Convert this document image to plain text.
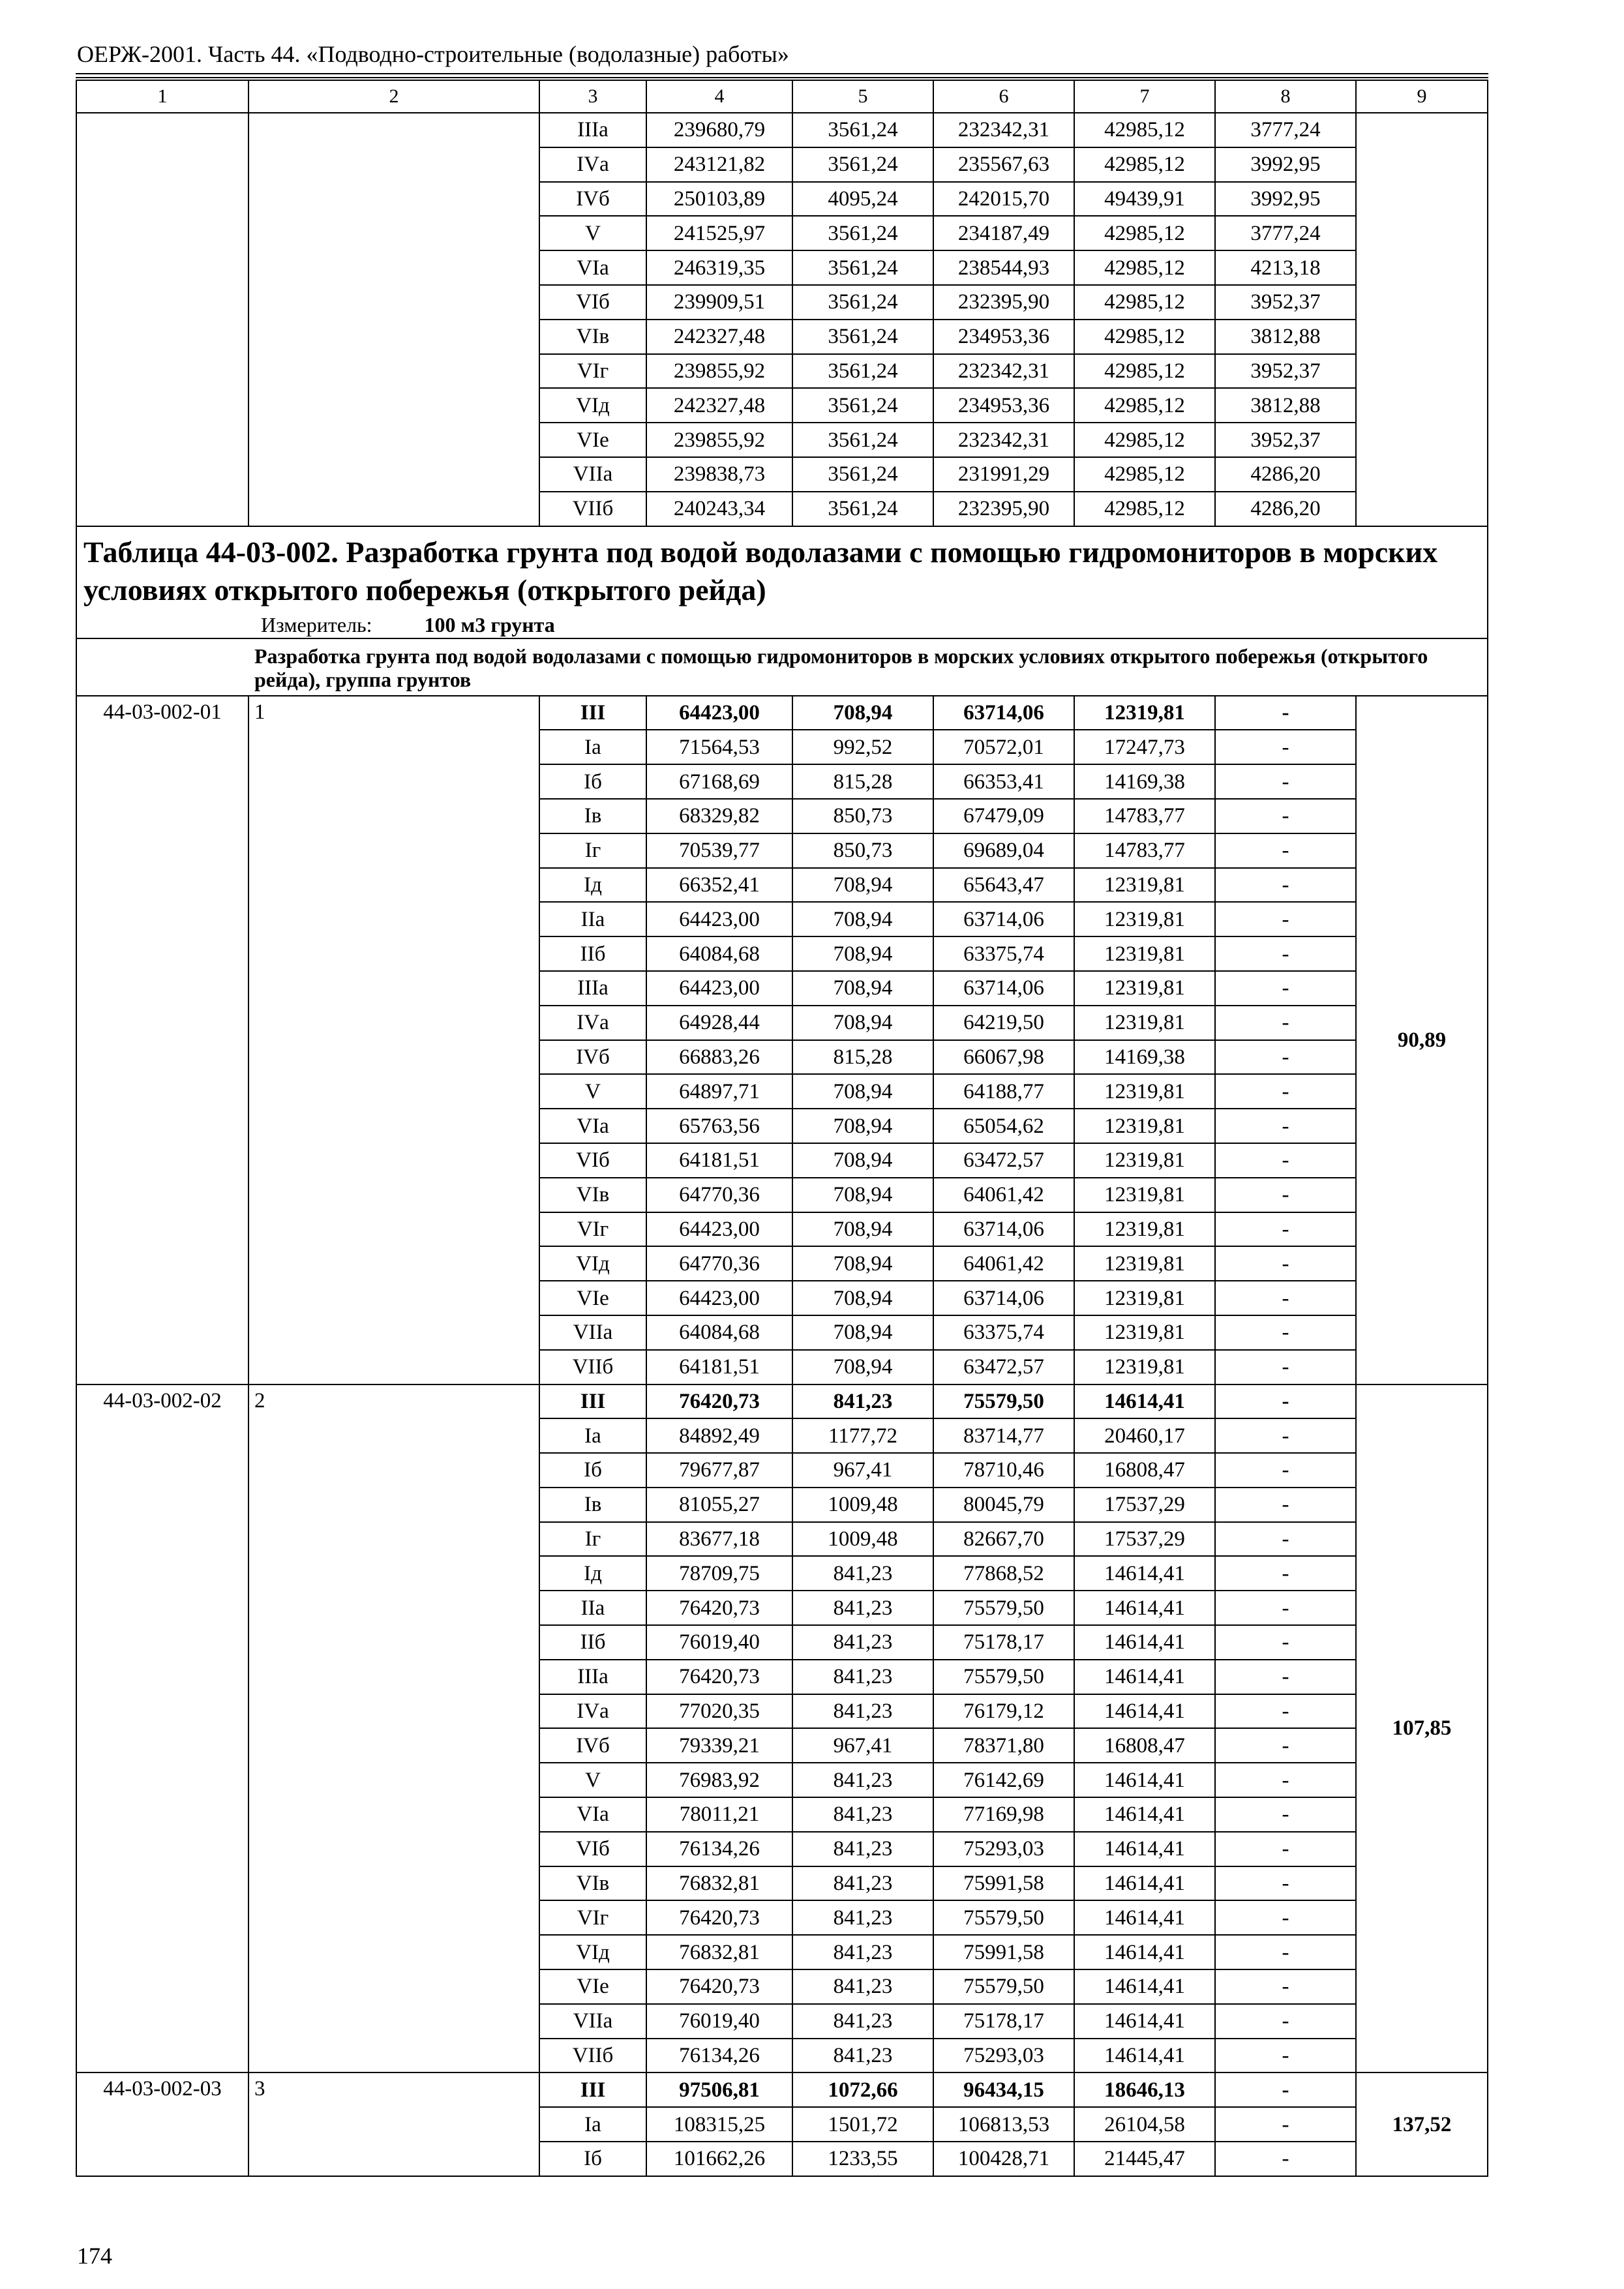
ОЕРЖ-2001. Часть 44. «Подводно-строительные (водолазные) работы»
1	2	3	4	5	6	7	8	9
		IIIа	239680,79	3561,24	232342,31	42985,12	3777,24	
		IVа	243121,82	3561,24	235567,63	42985,12	3992,95	
		IVб	250103,89	4095,24	242015,70	49439,91	3992,95	
		V	241525,97	3561,24	234187,49	42985,12	3777,24	
		VIа	246319,35	3561,24	238544,93	42985,12	4213,18	
		VIб	239909,51	3561,24	232395,90	42985,12	3952,37	
		VIв	242327,48	3561,24	234953,36	42985,12	3812,88	
		VIг	239855,92	3561,24	232342,31	42985,12	3952,37	
		VIд	242327,48	3561,24	234953,36	42985,12	3812,88	
		VIе	239855,92	3561,24	232342,31	42985,12	3952,37	
		VIIа	239838,73	3561,24	231991,29	42985,12	4286,20	
		VIIб	240243,34	3561,24	232395,90	42985,12	4286,20	

Таблица 44-03-002. Разработка грунта под водой водолазами с помощью гидромониторов в морских условиях открытого побережья (открытого рейда)
Измеритель: 100 м3 грунта								

Разработка грунта под водой водолазами с помощью гидромониторов в морских условиях открытого побережья (открытого рейда), группа грунтов								
44-03-002-01	1	III	64423,00	708,94	63714,06	12319,81	-	90,89
		Iа	71564,53	992,52	70572,01	17247,73	-	
		Iб	67168,69	815,28	66353,41	14169,38	-	
		Iв	68329,82	850,73	67479,09	14783,77	-	
		Iг	70539,77	850,73	69689,04	14783,77	-	
		Iд	66352,41	708,94	65643,47	12319,81	-	
		IIа	64423,00	708,94	63714,06	12319,81	-	
		IIб	64084,68	708,94	63375,74	12319,81	-	
		IIIа	64423,00	708,94	63714,06	12319,81	-	
		IVа	64928,44	708,94	64219,50	12319,81	-	
		IVб	66883,26	815,28	66067,98	14169,38	-	
		V	64897,71	708,94	64188,77	12319,81	-	
		VIа	65763,56	708,94	65054,62	12319,81	-	
		VIб	64181,51	708,94	63472,57	12319,81	-	
		VIв	64770,36	708,94	64061,42	12319,81	-	
		VIг	64423,00	708,94	63714,06	12319,81	-	
		VIд	64770,36	708,94	64061,42	12319,81	-	
		VIе	64423,00	708,94	63714,06	12319,81	-	
		VIIа	64084,68	708,94	63375,74	12319,81	-	
		VIIб	64181,51	708,94	63472,57	12319,81	-	
44-03-002-02	2	III	76420,73	841,23	75579,50	14614,41	-	107,85
		Iа	84892,49	1177,72	83714,77	20460,17	-	
		Iб	79677,87	967,41	78710,46	16808,47	-	
		Iв	81055,27	1009,48	80045,79	17537,29	-	
		Iг	83677,18	1009,48	82667,70	17537,29	-	
		Iд	78709,75	841,23	77868,52	14614,41	-	
		IIа	76420,73	841,23	75579,50	14614,41	-	
		IIб	76019,40	841,23	75178,17	14614,41	-	
		IIIа	76420,73	841,23	75579,50	14614,41	-	
		IVа	77020,35	841,23	76179,12	14614,41	-	
		IVб	79339,21	967,41	78371,80	16808,47	-	
		V	76983,92	841,23	76142,69	14614,41	-	
		VIа	78011,21	841,23	77169,98	14614,41	-	
		VIб	76134,26	841,23	75293,03	14614,41	-	
		VIв	76832,81	841,23	75991,58	14614,41	-	
		VIг	76420,73	841,23	75579,50	14614,41	-	
		VIд	76832,81	841,23	75991,58	14614,41	-	
		VIе	76420,73	841,23	75579,50	14614,41	-	
		VIIа	76019,40	841,23	75178,17	14614,41	-	
		VIIб	76134,26	841,23	75293,03	14614,41	-	
44-03-002-03	3	III	97506,81	1072,66	96434,15	18646,13	-	137,52
		Iа	108315,25	1501,72	106813,53	26104,58	-	
		Iб	101662,26	1233,55	100428,71	21445,47	-	
174
